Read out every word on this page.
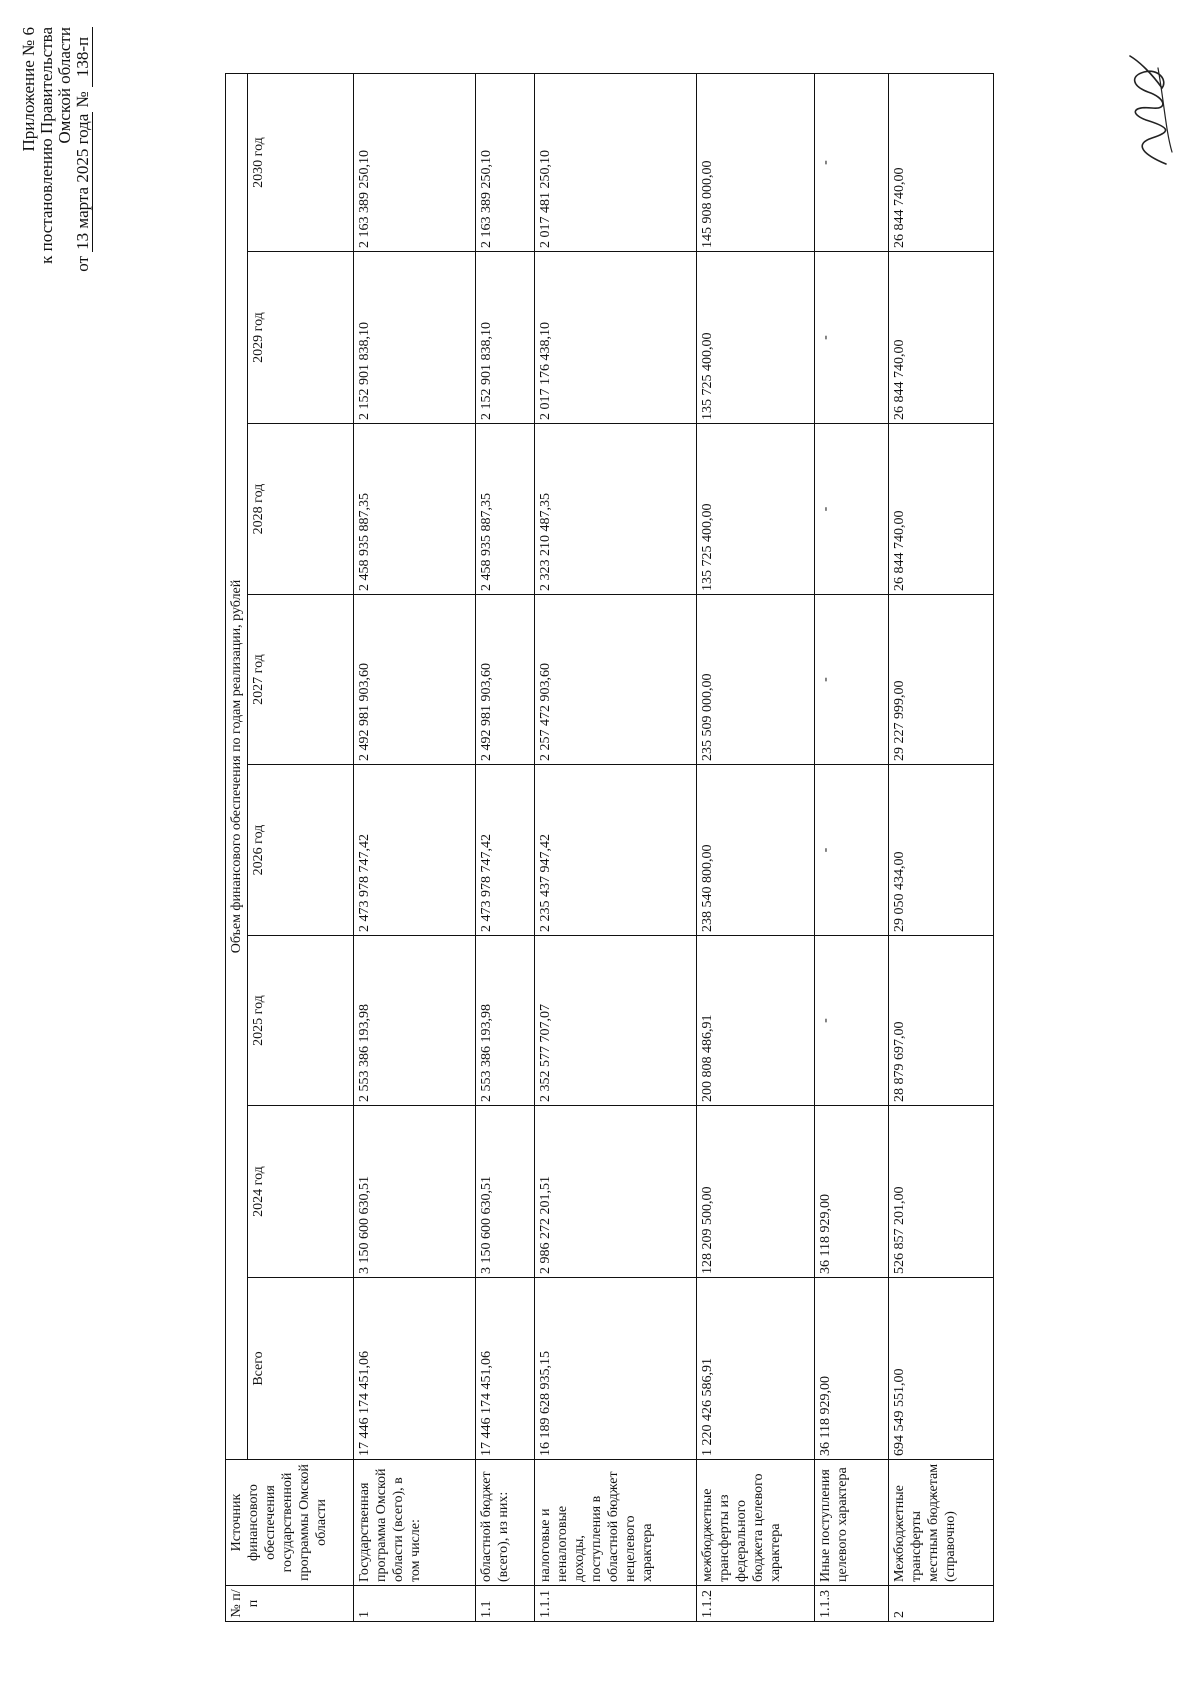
Приложение № 6 к постановлению Правительства Омской области
от 13 марта 2025 года № 138-п
№ п/п	Источник финансового обеспечения государственной программы Омской области	Объем финансового обеспечения по годам реализации, рублей							
		Всего	2024 год	2025 год	2026 год	2027 год	2028 год	2029 год	2030 год
1	Государственная программа Омской области (всего), в том числе:	17 446 174 451,06	3 150 600 630,51	2 553 386 193,98	2 473 978 747,42	2 492 981 903,60	2 458 935 887,35	2 152 901 838,10	2 163 389 250,10
1.1	областной бюджет (всего), из них:	17 446 174 451,06	3 150 600 630,51	2 553 386 193,98	2 473 978 747,42	2 492 981 903,60	2 458 935 887,35	2 152 901 838,10	2 163 389 250,10
1.1.1	налоговые и неналоговые доходы, поступления в областной бюджет нецелевого характера	16 189 628 935,15	2 986 272 201,51	2 352 577 707,07	2 235 437 947,42	2 257 472 903,60	2 323 210 487,35	2 017 176 438,10	2 017 481 250,10
1.1.2	межбюджетные трансферты из федерального бюджета целевого характера	1 220 426 586,91	128 209 500,00	200 808 486,91	238 540 800,00	235 509 000,00	135 725 400,00	135 725 400,00	145 908 000,00
1.1.3	Иные поступления целевого характера	36 118 929,00	36 118 929,00	-	-	-	-	-	-
2	Межбюджетные трансферты местным бюджетам (справочно)	694 549 551,00	526 857 201,00	28 879 697,00	29 050 434,00	29 227 999,00	26 844 740,00	26 844 740,00	26 844 740,00
